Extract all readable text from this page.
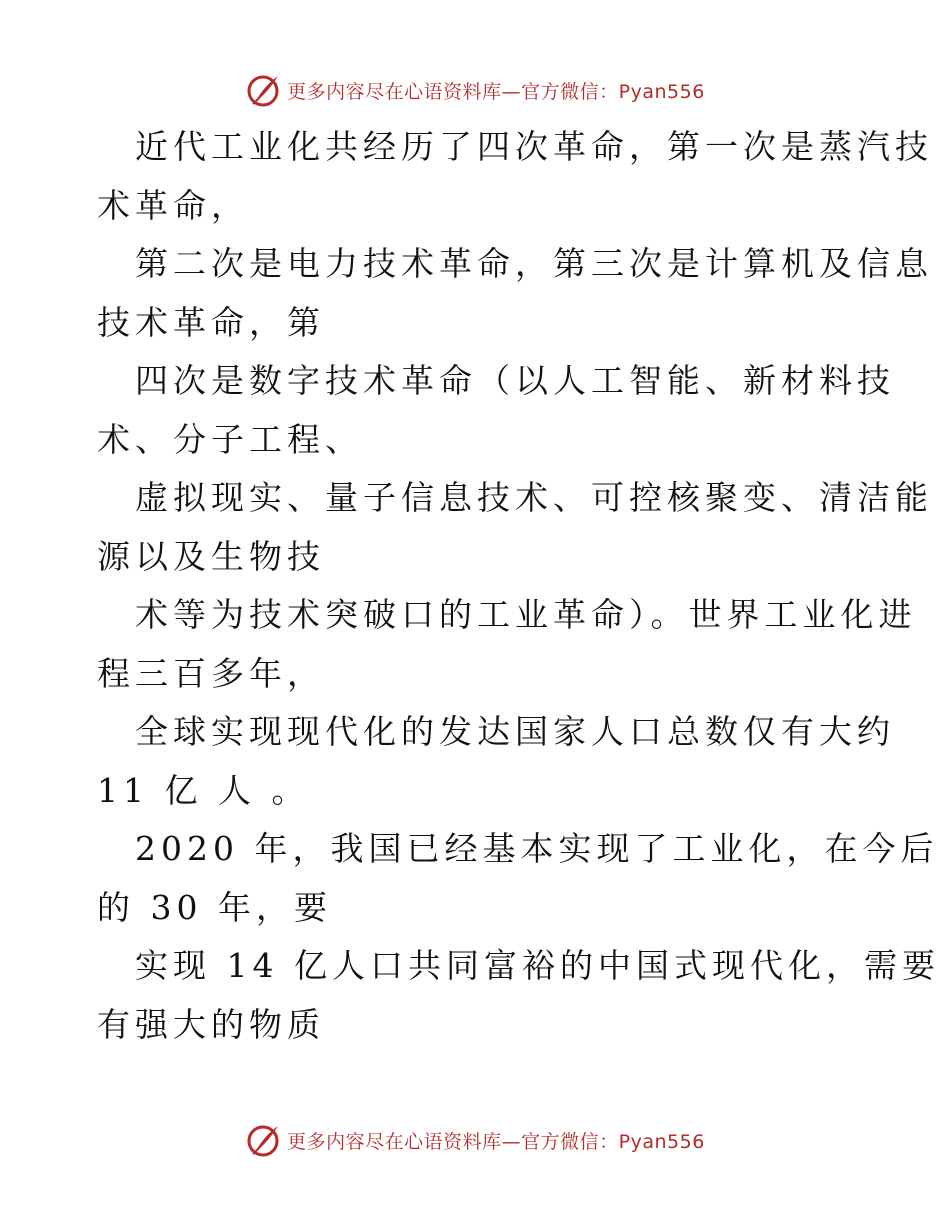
更多内容尽在心语资料库—官方微信：Pyan556
近代工业化共经历了四次革命，第一次是蒸汽技
术革命，
第二次是电力技术革命，第三次是计算机及信息
技术革命，第
四次是数字技术革命（以人工智能、新材料技
术、分子工程、
虚拟现实、量子信息技术、可控核聚变、清洁能
源以及生物技
术等为技术突破口的工业革命）。世界工业化进
程三百多年，
全球实现现代化的发达国家人口总数仅有大约
11 亿 人 。
2020 年，我国已经基本实现了工业化，在今后
的 30 年，要
实现 14 亿人口共同富裕的中国式现代化，需要
有强大的物质
更多内容尽在心语资料库—官方微信：Pyan556
